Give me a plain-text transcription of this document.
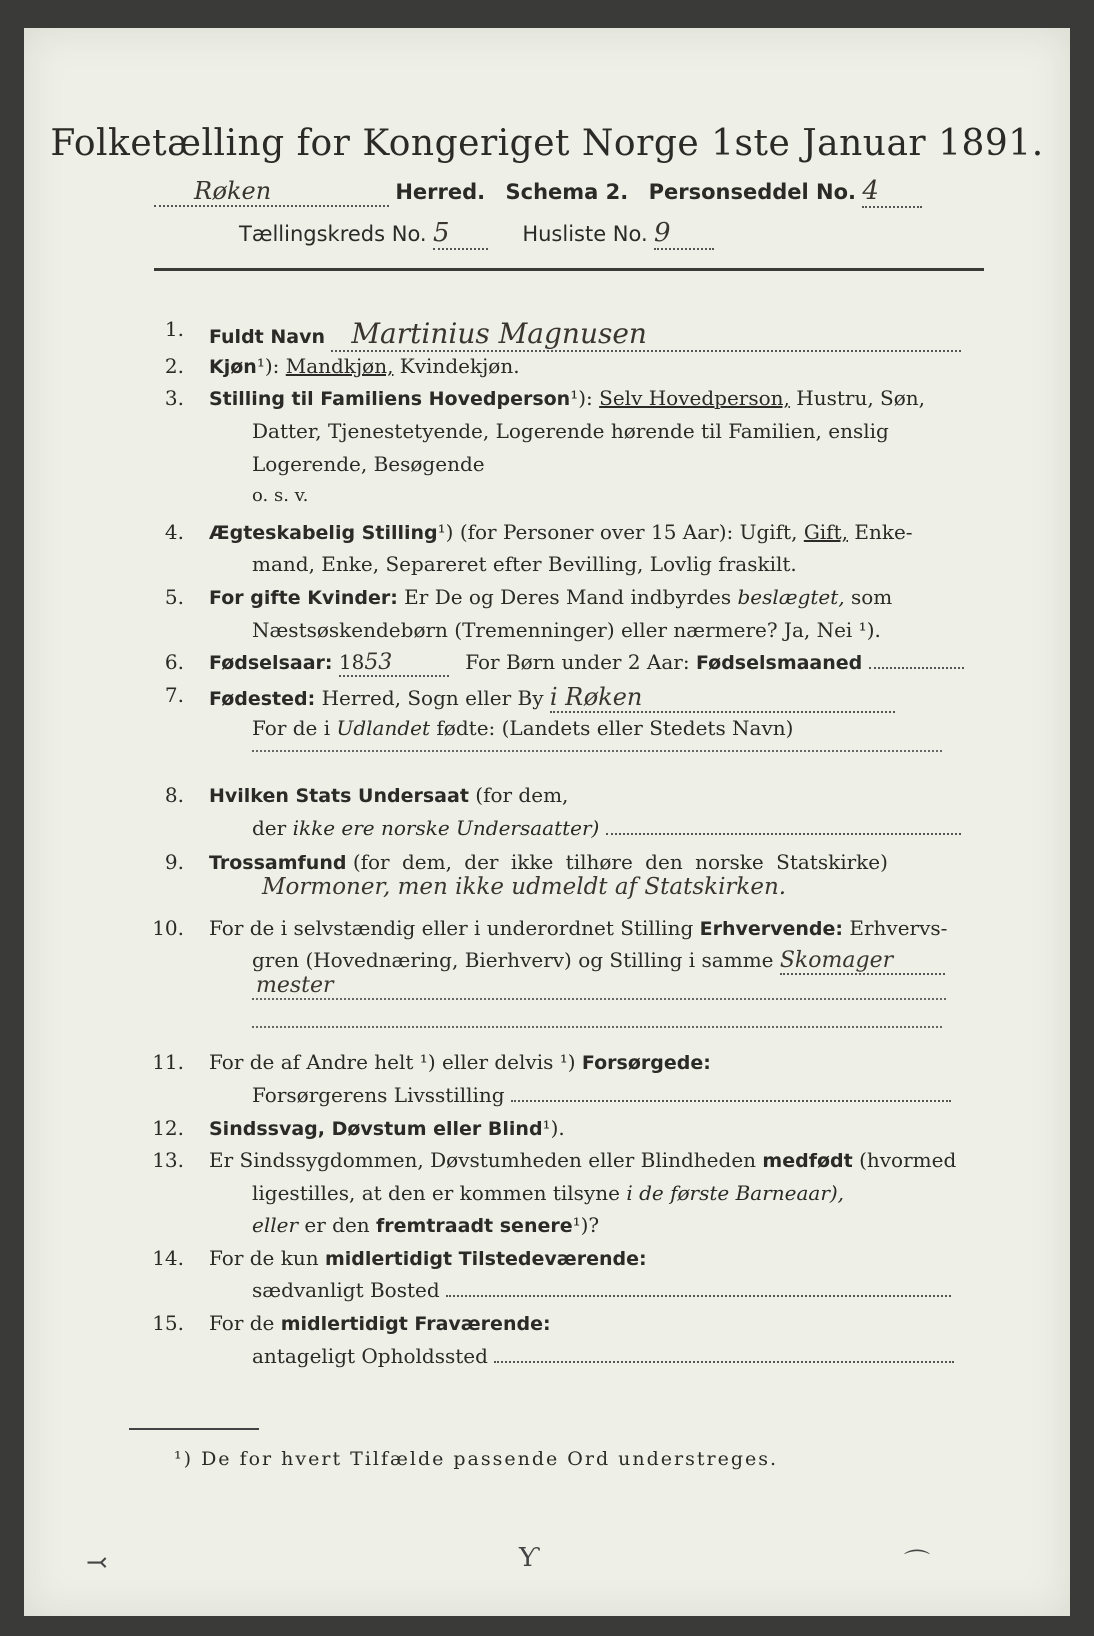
Folketælling for Kongeriget Norge 1ste Januar 1891.
Røken	Herred. Schema 2. Personseddel No. 4
Tællingskreds No. 5	Husliste No. 9
1. Fuldt Navn Martinius Magnusen
2. Kjøn¹): Mandkjøn, Kvindekjøn.
3. Stilling til Familiens Hovedperson¹): Selv Hovedperson, Hustru, Søn,
Datter, Tjenestetyende, Logerende hørende til Familien, enslig
Logerende, Besøgende
o. s. v.
4. Ægteskabelig Stilling¹) (for Personer over 15 Aar): Ugift, Gift, Enke-
mand, Enke, Separeret efter Bevilling, Lovlig fraskilt.
5. For gifte Kvinder: Er De og Deres Mand indbyrdes beslægtet, som
Næstsøskendebørn (Tremenninger) eller nærmere? Ja, Nei ¹).
6. Fødselsaar: 1853	For Børn under 2 Aar: Fødselsmaaned
7. Fødested: Herred, Sogn eller By i Røken
For de i Udlandet fødte: (Landets eller Stedets Navn)
8. Hvilken Stats Undersaat (for dem,
der ikke ere norske Undersaatter)
9. Trossamfund (for dem, der ikke tilhøre den norske Statskirke)
Mormoner, men ikke udmeldt af Statskirken.
10. For de i selvstændig eller i underordnet Stilling Erhvervende: Erhvervs-
gren (Hovednæring, Bierhverv) og Stilling i samme Skomager
mester
11. For de af Andre helt ¹) eller delvis ¹) Forsørgede:
Forsørgerens Livsstilling
12. Sindssvag, Døvstum eller Blind¹).
13. Er Sindssygdommen, Døvstumheden eller Blindheden medfødt (hvormed
ligestilles, at den er kommen tilsyne i de første Barneaar),
eller er den fremtraadt senere¹)?
14. For de kun midlertidigt Tilstedeværende:
sædvanligt Bosted
15. For de midlertidigt Fraværende:
antageligt Opholdssted
¹) De for hvert Tilfælde passende Ord understreges.
⤙	Ƴ	⌒
